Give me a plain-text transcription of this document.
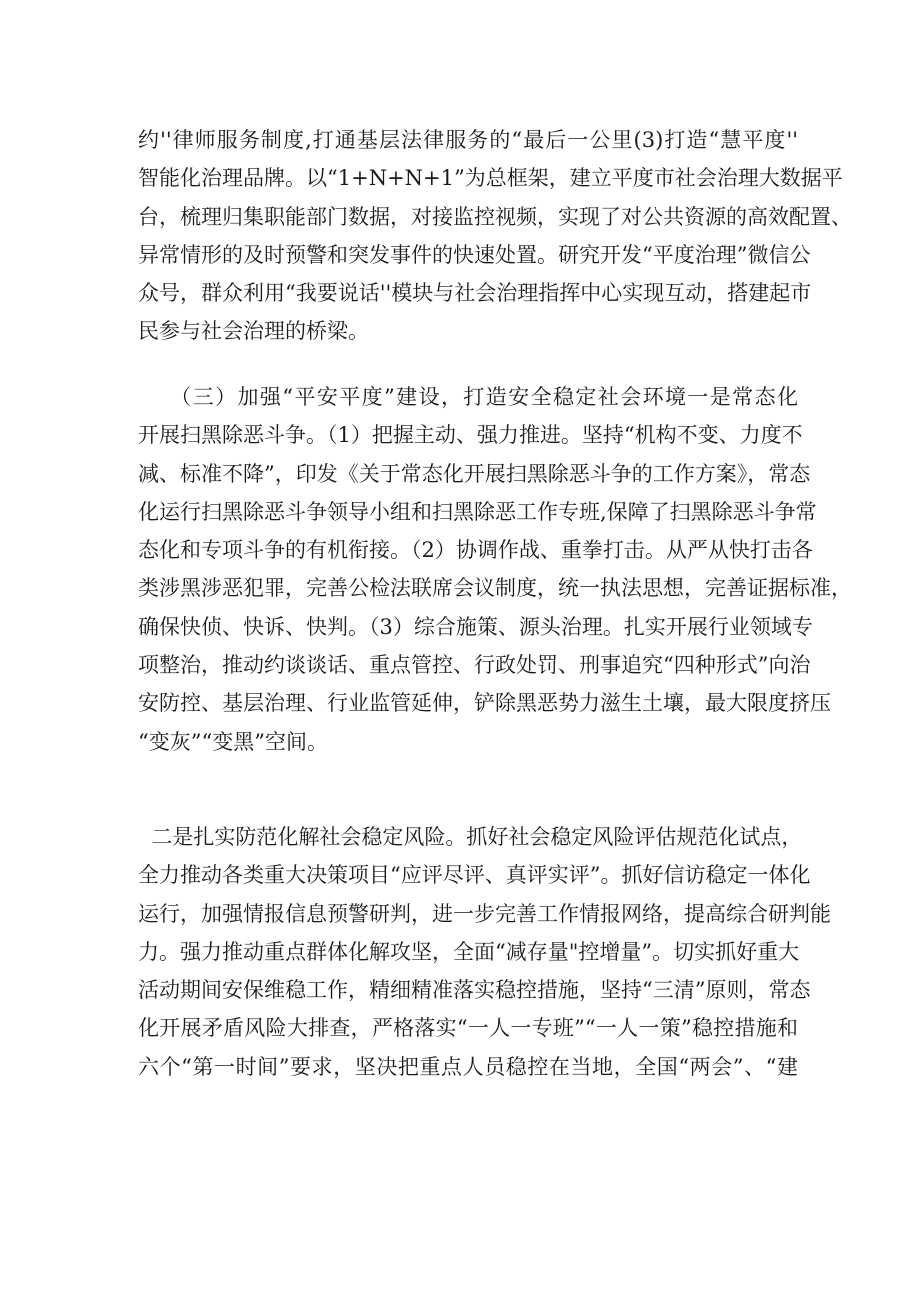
约''律师服务制度,打通基层法律服务的“最后一公里(3)打造“慧平度''
智能化治理品牌。以“1+N+N+1”为总框架，建立平度市社会治理大数据平
台，梳理归集职能部门数据，对接监控视频，实现了对公共资源的高效配置、
异常情形的及时预警和突发事件的快速处置。研究开发“平度治理”微信公
众号，群众利用“我要说话''模块与社会治理指挥中心实现互动，搭建起市
民参与社会治理的桥梁。
（三）加强“平安平度”建设，打造安全稳定社会环境一是常态化
开展扫黑除恶斗争。（1）把握主动、强力推进。坚持“机构不变、力度不
减、标准不降”，印发《关于常态化开展扫黑除恶斗争的工作方案》，常态
化运行扫黑除恶斗争领导小组和扫黑除恶工作专班,保障了扫黑除恶斗争常
态化和专项斗争的有机衔接。（2）协调作战、重拳打击。从严从快打击各
类涉黑涉恶犯罪，完善公检法联席会议制度，统一执法思想，完善证据标准，
确保快侦、快诉、快判。（3）综合施策、源头治理。扎实开展行业领域专
项整治，推动约谈谈话、重点管控、行政处罚、刑事追究“四种形式”向治
安防控、基层治理、行业监管延伸，铲除黑恶势力滋生土壤，最大限度挤压
“变灰”“变黑”空间。
二是扎实防范化解社会稳定风险。抓好社会稳定风险评估规范化试点，
全力推动各类重大决策项目“应评尽评、真评实评”。抓好信访稳定一体化
运行，加强情报信息预警研判，进一步完善工作情报网络，提高综合研判能
力。强力推动重点群体化解攻坚，全面“减存量"控增量”。切实抓好重大
活动期间安保维稳工作，精细精准落实稳控措施，坚持“三清”原则，常态
化开展矛盾风险大排查，严格落实“一人一专班”“一人一策”稳控措施和
六个“第一时间”要求，坚决把重点人员稳控在当地，全国“两会”、“建
